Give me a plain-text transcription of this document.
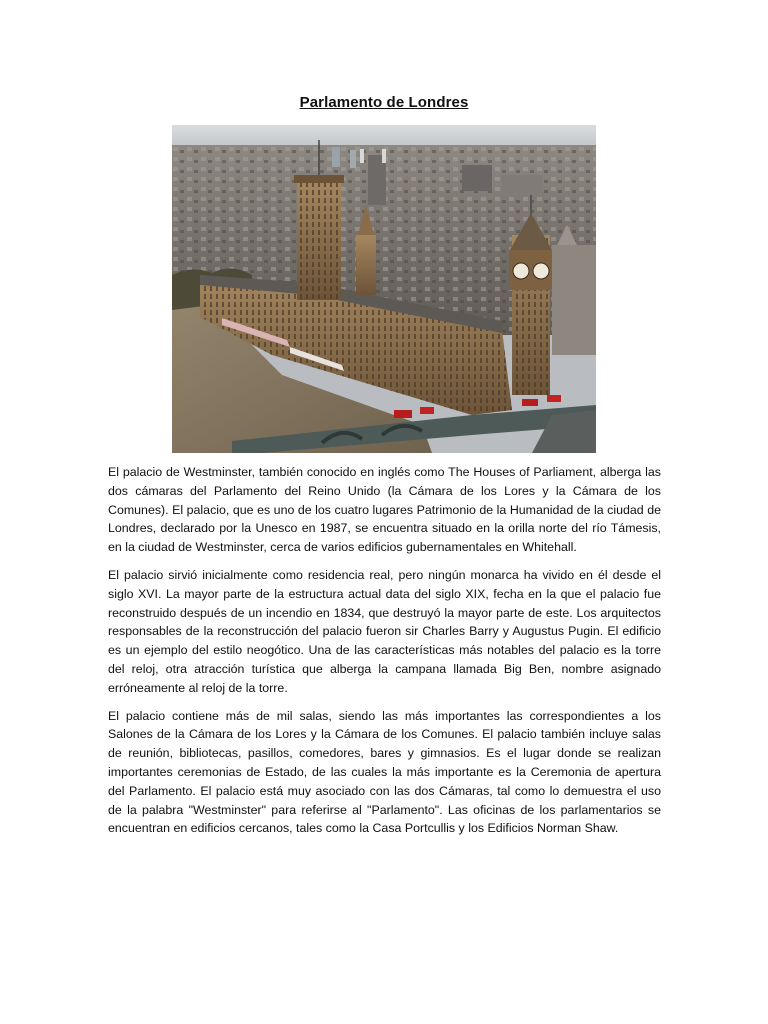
Parlamento de Londres

El palacio de Westminster, también conocido en inglés como The Houses of Parliament, alberga las dos cámaras del Parlamento del Reino Unido (la Cámara de los Lores y la Cámara de los Comunes). El palacio, que es uno de los cuatro lugares Patrimonio de la Humanidad de la ciudad de Londres, declarado por la Unesco en 1987, se encuentra situado en la orilla norte del río Támesis, en la ciudad de Westminster, cerca de varios edificios gubernamentales en Whitehall.

El palacio sirvió inicialmente como residencia real, pero ningún monarca ha vivido en él desde el siglo XVI. La mayor parte de la estructura actual data del siglo XIX, fecha en la que el palacio fue reconstruido después de un incendio en 1834, que destruyó la mayor parte de este. Los arquitectos responsables de la reconstrucción del palacio fueron sir Charles Barry y Augustus Pugin. El edificio es un ejemplo del estilo neogótico. Una de las características más notables del palacio es la torre del reloj, otra atracción turística que alberga la campana llamada Big Ben, nombre asignado erróneamente al reloj de la torre.

El palacio contiene más de mil salas, siendo las más importantes las correspondientes a los Salones de la Cámara de los Lores y la Cámara de los Comunes. El palacio también incluye salas de reunión, bibliotecas, pasillos, comedores, bares y gimnasios. Es el lugar donde se realizan importantes ceremonias de Estado, de las cuales la más importante es la Ceremonia de apertura del Parlamento. El palacio está muy asociado con las dos Cámaras, tal como lo demuestra el uso de la palabra "Westminster" para referirse al "Parlamento". Las oficinas de los parlamentarios se encuentran en edificios cercanos, tales como la Casa Portcullis y los Edificios Norman Shaw.
